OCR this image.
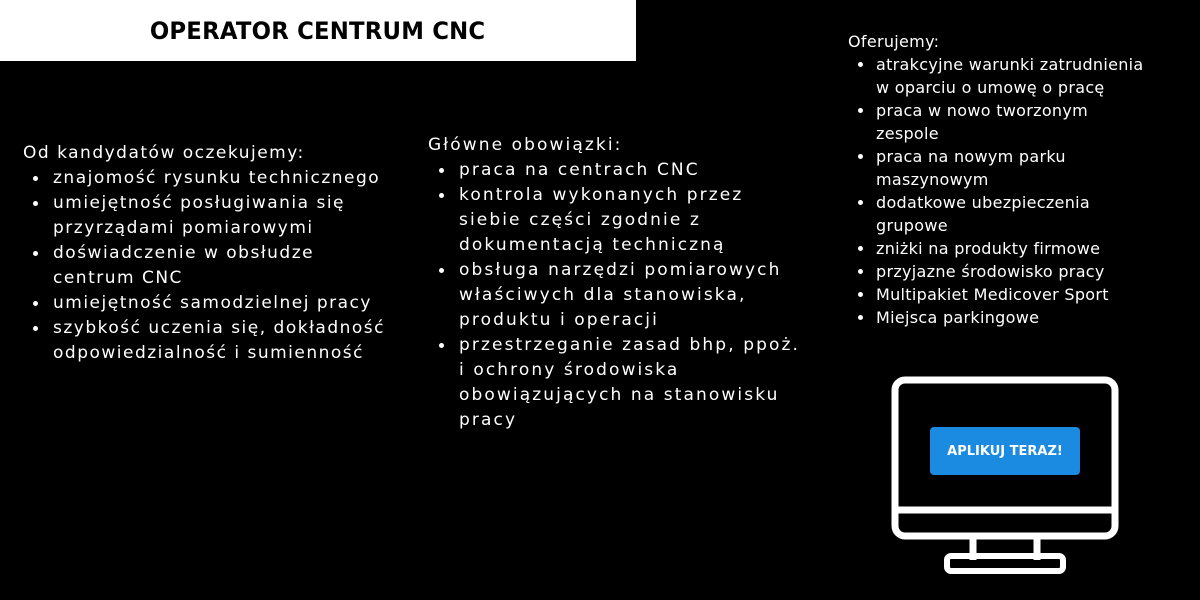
OPERATOR CENTRUM CNC

Od kandydatów oczekujemy:

znajomość rysunku technicznego
umiejętność posługiwania się przyrządami pomiarowymi
doświadczenie w obsłudze centrum CNC
umiejętność samodzielnej pracy
szybkość uczenia się, dokładność odpowiedzialność i sumienność

Główne obowiązki:

praca na centrach CNC
kontrola wykonanych przez siebie części zgodnie z dokumentacją techniczną
obsługa narzędzi pomiarowych właściwych dla stanowiska, produktu i operacji
przestrzeganie zasad bhp, ppoż. i ochrony środowiska obowiązujących na stanowisku pracy

Oferujemy:

atrakcyjne warunki zatrudnienia w oparciu o umowę o pracę
praca w nowo tworzonym zespole
praca na nowym parku maszynowym
dodatkowe ubezpieczenia grupowe
zniżki na produkty firmowe
przyjazne środowisko pracy
Multipakiet Medicover Sport
Miejsca parkingowe
APLIKUJ TERAZ!
